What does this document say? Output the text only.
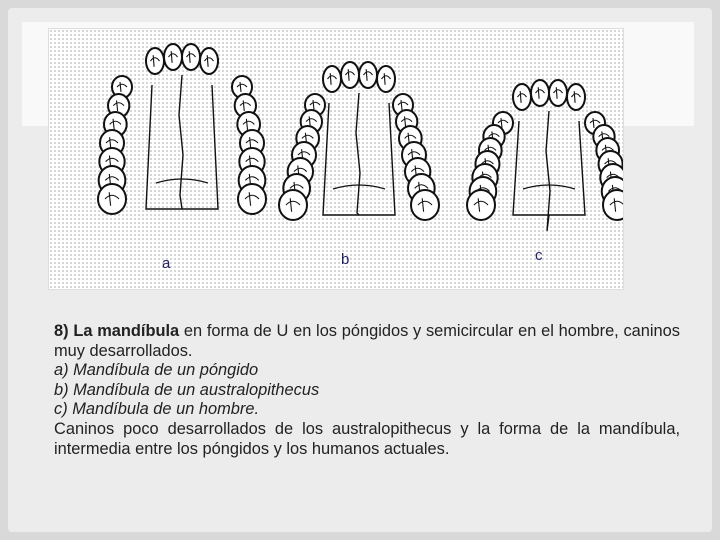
a	b	c

8) La mandíbula en forma de U en los póngidos y semicircular en el hombre, caninos muy desarrollados.

a) Mandíbula de un póngido

b) Mandíbula de un australopithecus

c) Mandíbula de un hombre.

Caninos poco desarrollados de los australopithecus y la forma de la mandíbula, intermedia entre los póngidos y los humanos actuales.
